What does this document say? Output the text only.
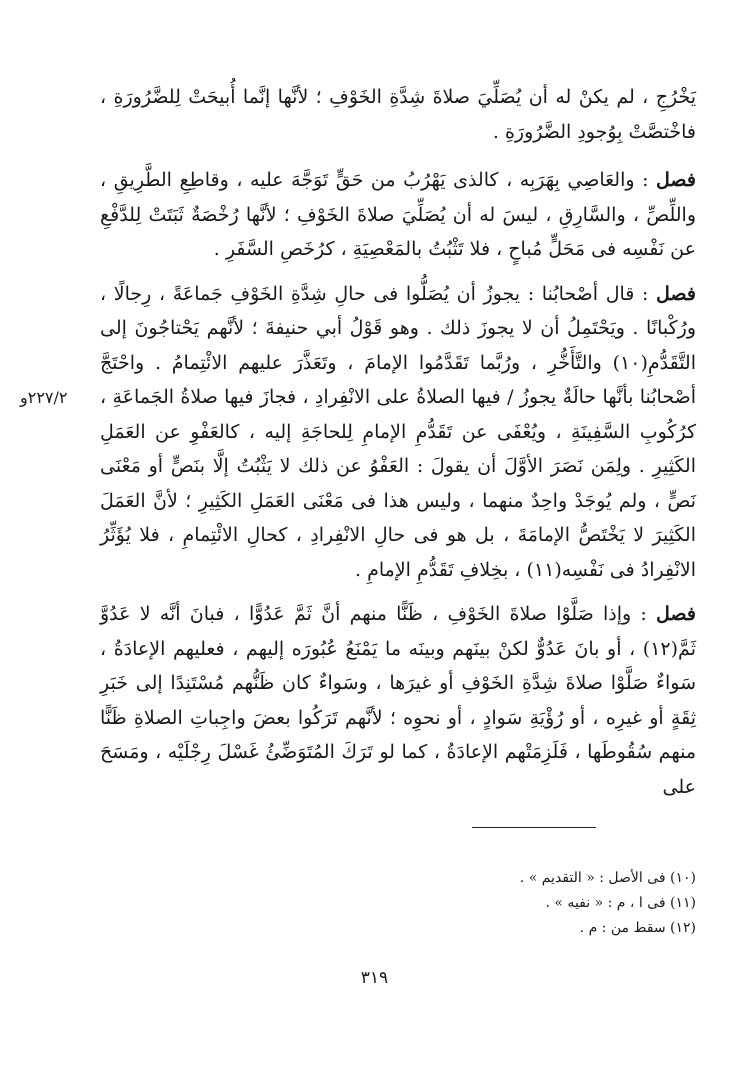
يَخْرُجِ ، لم يكنْ له أن يُصَلِّيَ صلاةَ شِدَّةِ الخَوْفِ ؛ لأنَّها إنَّما أُبيحَتْ لِلضَّرُورَةِ ، فاخْتصَّتْ بِوُجودِ الضَّرُورَةِ .

فصل : والعَاصِي بِهَرَبِه ، كالذى يَهْرُبُ من حَقٍّ تَوَجَّهَ عليه ، وقاطِعِ الطَّرِيقِ ، واللِّصِّ ، والسَّارِقِ ، ليسَ له أن يُصَلِّيَ صلاةَ الخَوْفِ ؛ لأنَّها رُخْصَةٌ ثَبَتَتْ لِلدَّفْعِ عن نَفْسِه فى مَحَلٍّ مُباحٍ ، فلا تَثْبُتُ بالمَعْصِيَةِ ، كرُخَصِ السَّفَرِ .

فصل : قال أصْحابُنا : يجوزُ أن يُصَلُّوا فى حالِ شِدَّةِ الخَوْفِ جَماعَةً ، رِجالًا ، ورُكْبانًا . ويَحْتَمِلُ أن لا يجوزَ ذلك . وهو قَوْلُ أبي حنيفةَ ؛ لأنَّهم يَحْتاجُونَ إلى التَّقَدُّمِ(١٠) والتَّأَخُّرِ ، ورُبَّما تَقَدَّمُوا الإمامَ ، وتَعَذَّرَ عليهم الائْتِمامُ . واحْتَجَّ أصْحابُنا بأنَّها حالَةٌ يجوزُ / فيها الصلاةُ على الانْفِرادِ ، فجازَ فيها صلاةُ الجَماعَةِ ، كرُكُوبِ السَّفِينَةِ ، ويُعْفَى عن تَقَدُّمِ الإمامِ لِلحاجَةِ إليه ، كالعَفْوِ عن العَمَلِ الكَثِيرِ . ولِمَن نَصَرَ الأوَّلَ أن يقولَ : العَفْوُ عن ذلك لا يَثْبُتُ إلَّا بنَصٍّ أو مَعْنَى نَصٍّ ، ولم يُوجَدْ واحِدٌ منهما ، وليس هذا فى مَعْنَى العَمَلِ الكَثِيرِ ؛ لأنَّ العَمَلَ الكَثِيرَ لا يَخْتَصُّ الإمامَةَ ، بل هو فى حالِ الانْفِرادِ ، كحالِ الائْتِمامِ ، فلا يُؤَثِّرُ الانْفِرادُ فى نَفْسِه(١١) ، بخِلافِ تَقَدُّمِ الإمامِ .

فصل : وإذا صَلَّوْا صلاةَ الخَوْفِ ، ظَنًّا منهم أنَّ ثَمَّ عَدُوًّا ، فبانَ أنَّه لا عَدُوَّ ثَمَّ(١٢) ، أو بانَ عَدُوٌّ لكنْ بينَهم وبينَه ما يَمْنَعُ عُبُورَه إليهم ، فعليهم الإعادَةُ ، سَواءٌ صَلَّوْا صلاةَ شِدَّةِ الخَوْفِ أو غيرَها ، وسَواءٌ كان ظَنُّهم مُسْتَنِدًا إلى خَبَرِ ثِقَةٍ أو غيرِه ، أو رُؤْيَةِ سَوادٍ ، أو نحوِه ؛ لأنَّهم تَرَكُوا بعضَ واجِباتِ الصلاةِ ظَنًّا منهم سُقُوطَها ، فَلَزِمَتْهم الإعادَةُ ، كما لو تَرَكَ المُتَوَضِّئُ غَسْلَ رِجْلَيْه ، ومَسَحَ على

٢٢٧/٢و
(١٠) فى الأصل : « التقديم » .
(١١) فى ا ، م : « نفيه » .
(١٢) سقط من : م .
٣١٩
